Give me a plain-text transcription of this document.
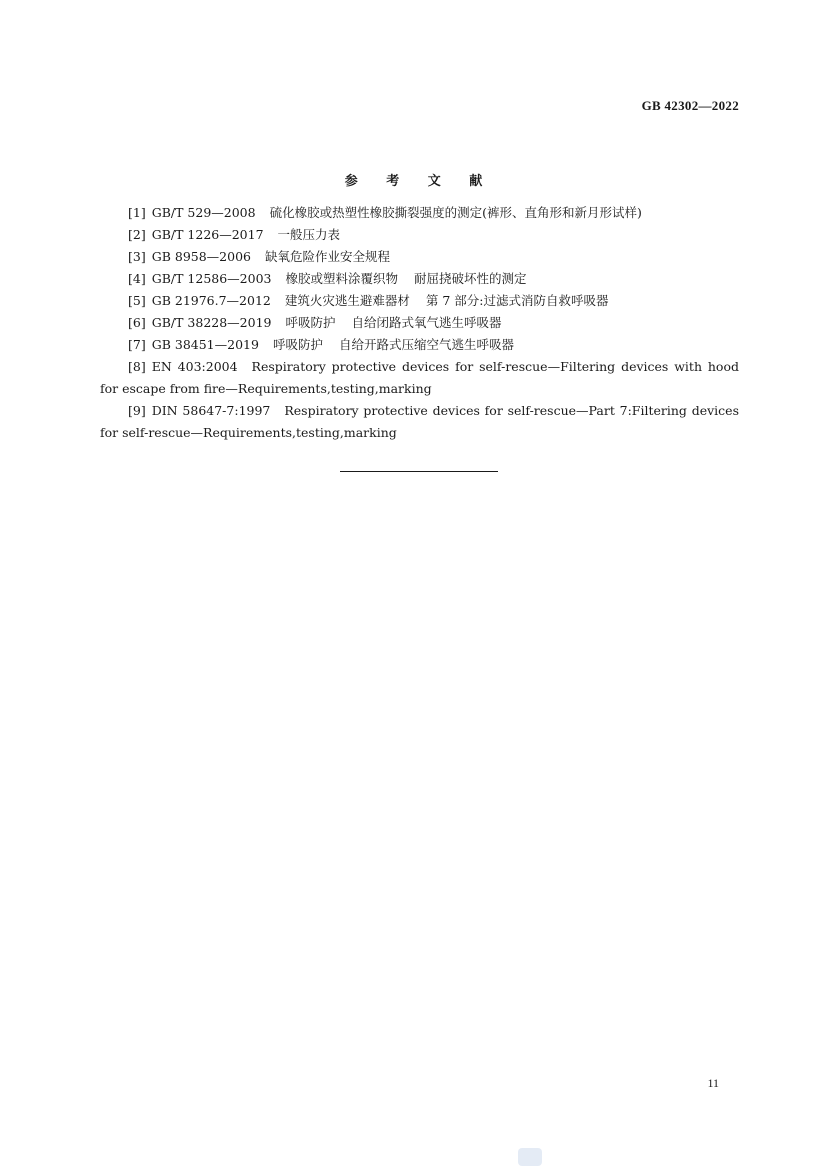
GB 42302—2022
参 考 文 献
[1] GB/T 529—2008 硫化橡胶或热塑性橡胶撕裂强度的测定(裤形、直角形和新月形试样)
[2] GB/T 1226—2017 一般压力表
[3] GB 8958—2006 缺氧危险作业安全规程
[4] GB/T 12586—2003 橡胶或塑料涂覆织物 耐屈挠破坏性的测定
[5] GB 21976.7—2012 建筑火灾逃生避难器材 第 7 部分:过滤式消防自救呼吸器
[6] GB/T 38228—2019 呼吸防护 自给闭路式氧气逃生呼吸器
[7] GB 38451—2019 呼吸防护 自给开路式压缩空气逃生呼吸器
[8] EN 403:2004 Respiratory protective devices for self-rescue—Filtering devices with hood for escape from fire—Requirements,testing,marking
[9] DIN 58647-7:1997 Respiratory protective devices for self-rescue—Part 7:Filtering devices for self-rescue—Requirements,testing,marking
11
